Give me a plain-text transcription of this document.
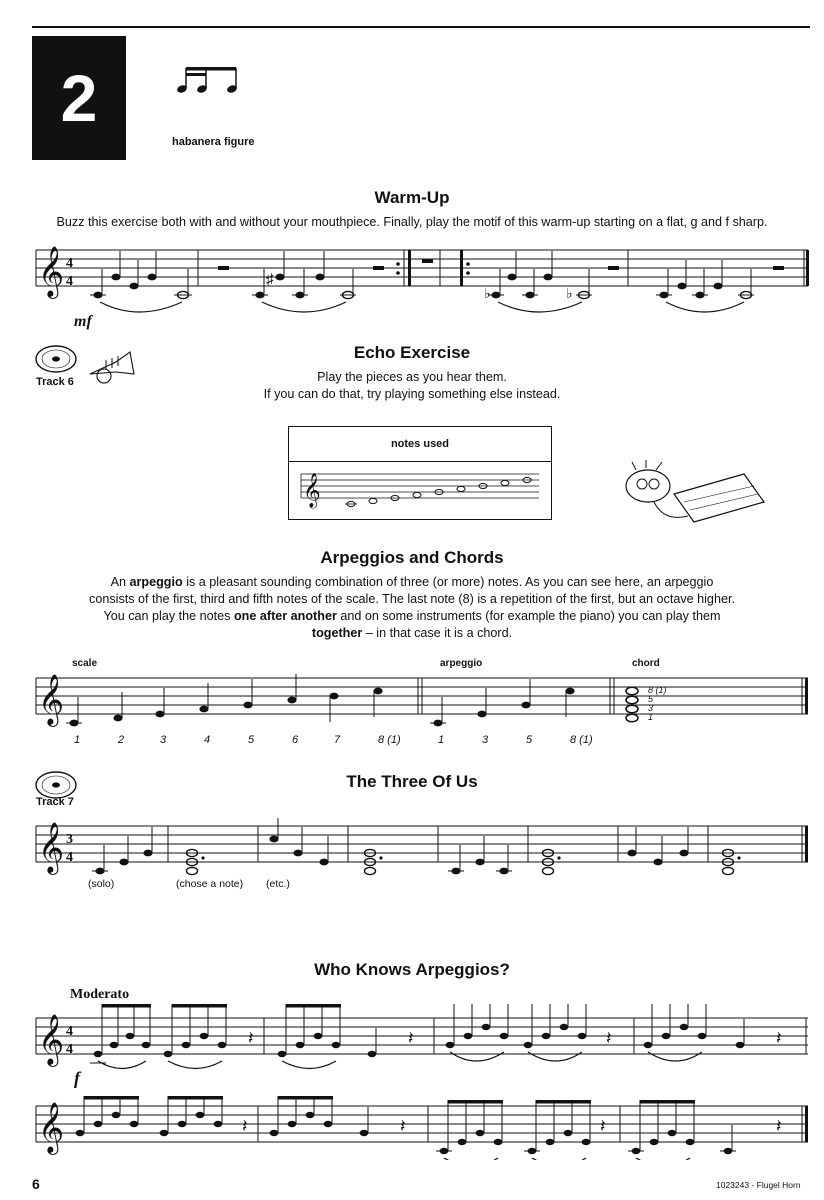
2
habanera figure
Warm-Up
Buzz this exercise both with and without your mouthpiece. Finally, play the motif of this warm-up starting on a flat, g and f sharp.
𝄞 4
4	♯
♭	♭
mf
Track 6
Echo Exercise
Play the pieces as you hear them.
If you can do that, try playing something else instead.
notes used
𝄞
Arpeggios and Chords
An arpeggio is a pleasant sounding combination of three (or more) notes. As you can see here, an arpeggio
consists of the first, third and fifth notes of the scale. The last note (8) is a repetition of the first, but an octave higher.
You can play the notes one after another and on some instruments (for example the piano) you can play them
together – in that case it is a chord.
scale	arpeggio	chord
𝄞
1	2	3	4	5	6	7	8 (1)	1	3	5	8 (1)
8 (1)
5
3
1
Track 7
The Three Of Us
𝄞 3
4
(solo)	(chose a note) (etc.)
Who Knows Arpeggios?
Moderato
𝄞 4
4
𝄽	𝄽	𝄽	𝄽
f
𝄞	𝄽	𝄽	𝄽	𝄽
6	1023243 - Flugel Horn
